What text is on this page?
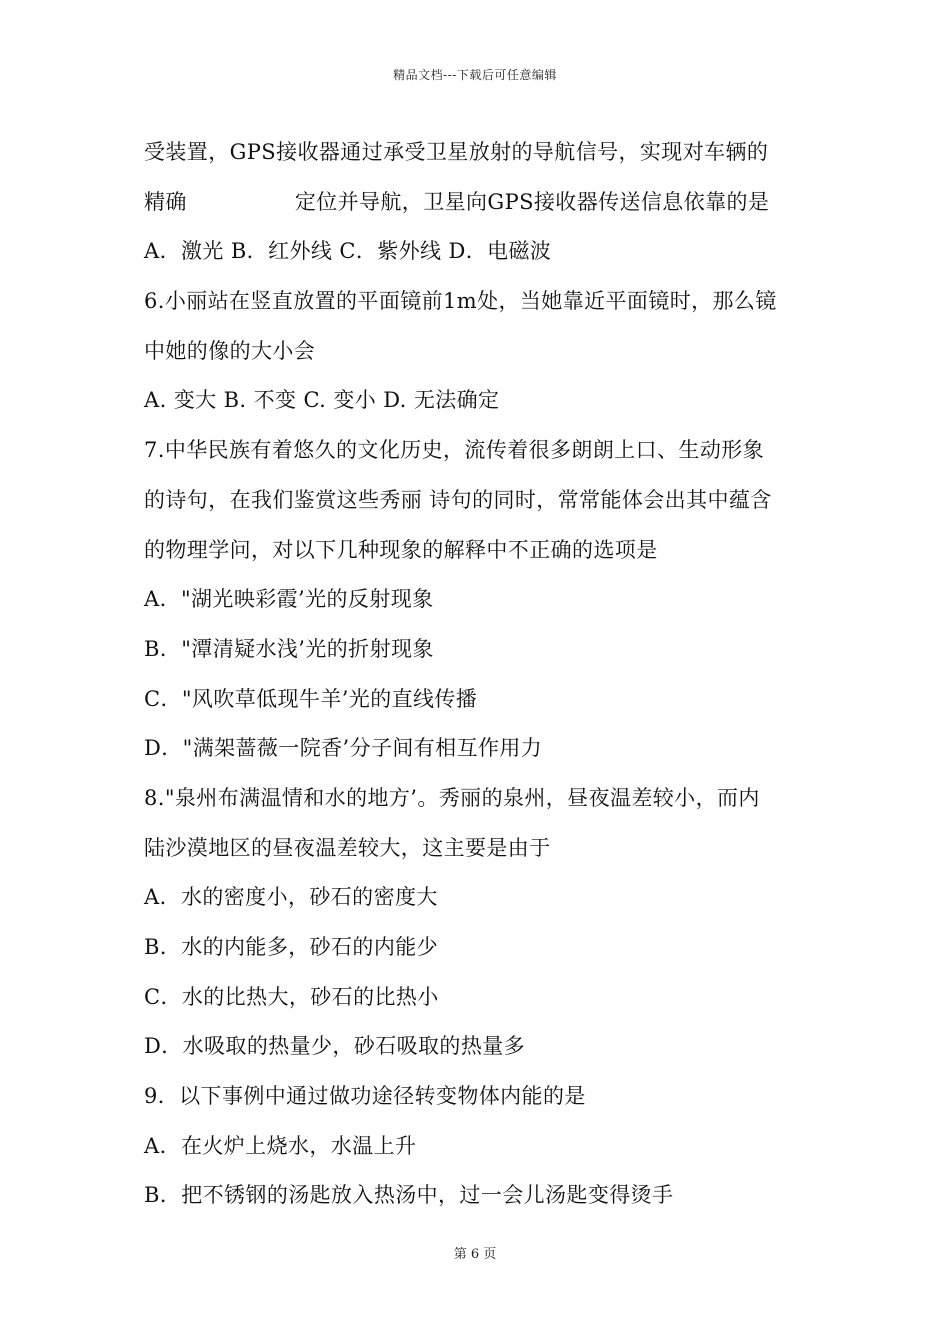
精品文档---下载后可任意编辑
受装置，GPS接收器通过承受卫星放射的导航信号，实现对车辆的
精确	定位并导航，卫星向GPS接收器传送信息依靠的是
A．激光 B．红外线 C．紫外线 D．电磁波
6.小丽站在竖直放置的平面镜前1m处，当她靠近平面镜时，那么镜
中她的像的大小会
A. 变大 B. 不变 C. 变小 D. 无法确定
7.中华民族有着悠久的文化历史，流传着很多朗朗上口、生动形象
的诗句，在我们鉴赏这些秀丽 诗句的同时，常常能体会出其中蕴含
的物理学问，对以下几种现象的解释中不正确的选项是
A．"湖光映彩霞’光的反射现象
B．"潭清疑水浅’光的折射现象
C．"风吹草低现牛羊’光的直线传播
D．"满架蔷薇一院香’分子间有相互作用力
8."泉州布满温情和水的地方’。秀丽的泉州，昼夜温差较小，而内
陆沙漠地区的昼夜温差较大，这主要是由于
A．水的密度小，砂石的密度大
B．水的内能多，砂石的内能少
C．水的比热大，砂石的比热小
D．水吸取的热量少，砂石吸取的热量多
9．以下事例中通过做功途径转变物体内能的是
A．在火炉上烧水，水温上升
B．把不锈钢的汤匙放入热汤中，过一会儿汤匙变得烫手
第 6 页
